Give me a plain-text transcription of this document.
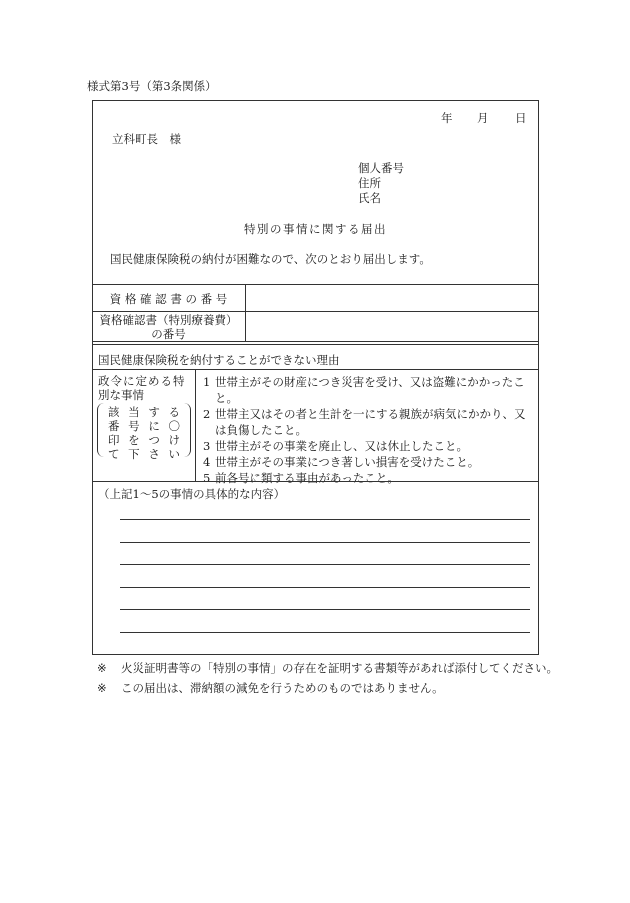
様式第3号（第3条関係）
年 月 日
立科町長　様
個人番号
住所
氏名
特別の事情に関する届出
国民健康保険税の納付が困難なので、次のとおり届出します。
資 格 確 認 書 の 番 号
資格確認書（特別療養費）
の番号
国民健康保険税を納付することができない理由
政令に定める特
別な事情
該 当 す る
番 号 に 〇
印 を つ け
て 下 さ い
1 世帯主がその財産につき災害を受け、又は盗難にかかったこと。
2 世帯主又はその者と生計を一にする親族が病気にかかり、又は負傷したこと。
3 世帯主がその事業を廃止し、又は休止したこと。
4 世帯主がその事業につき著しい損害を受けたこと。
5 前各号に類する事由があったこと。
（上記1～5の事情の具体的な内容）
※ 火災証明書等の「特別の事情」の存在を証明する書類等があれば添付してください。
※ この届出は、滞納額の減免を行うためのものではありません。
